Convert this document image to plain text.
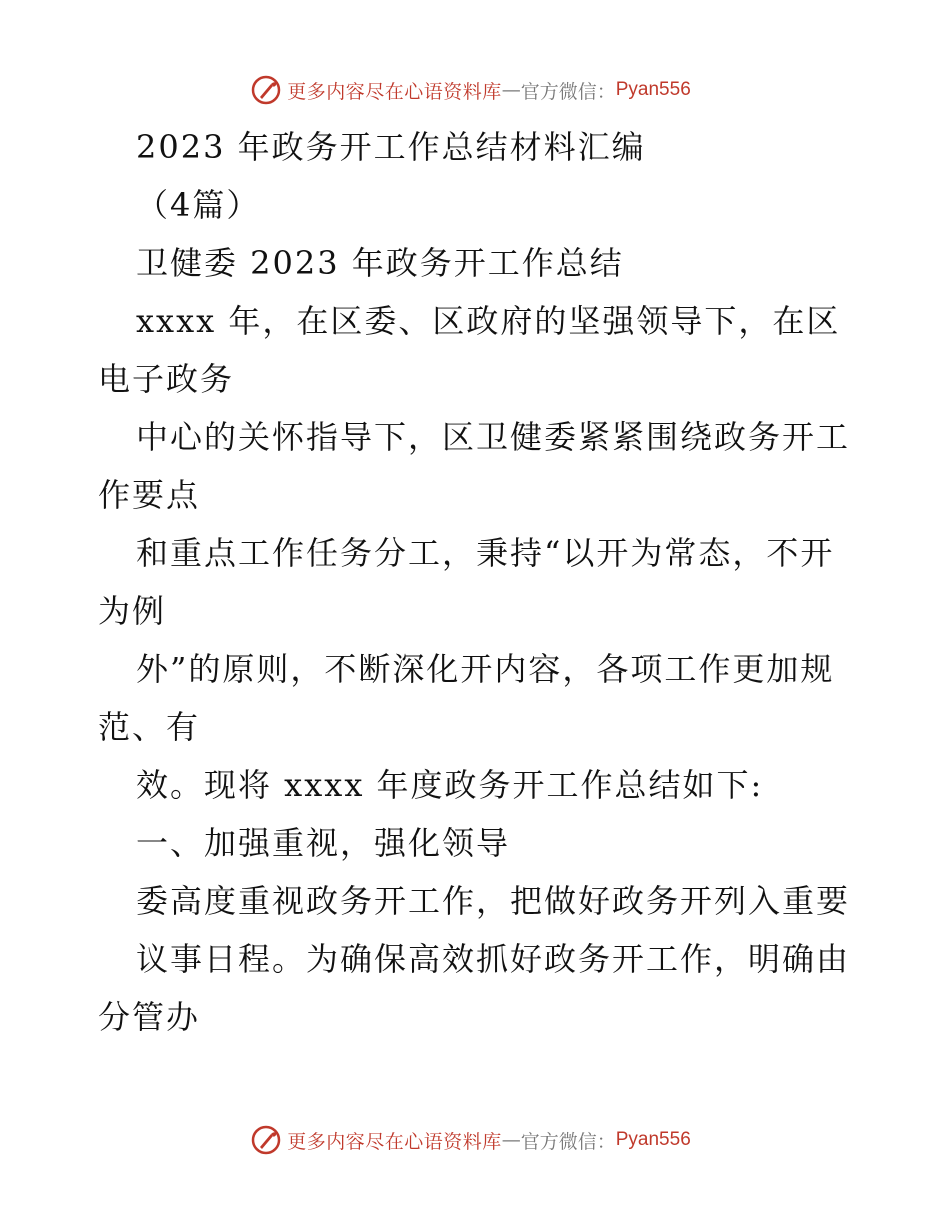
更多内容尽在心语资料库 — 官方微信： Pyan556
2023 年政务开工作总结材料汇编
（4篇）
卫健委 2023 年政务开工作总结
xxxx 年，在区委、区政府的坚强领导下，在区
电子政务
中心的关怀指导下，区卫健委紧紧围绕政务开工
作要点
和重点工作任务分工，秉持“以开为常态，不开
为例
外”的原则，不断深化开内容，各项工作更加规
范、有
效。现将 xxxx 年度政务开工作总结如下:
一、加强重视，强化领导
委高度重视政务开工作，把做好政务开列入重要
议事日程。为确保高效抓好政务开工作，明确由
分管办
更多内容尽在心语资料库 — 官方微信： Pyan556
